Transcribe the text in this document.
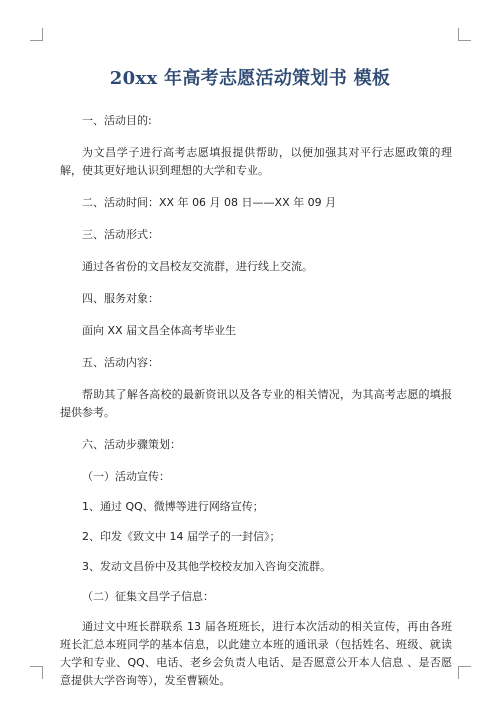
20xx 年高考志愿活动策划书 模板

一、活动目的:

为文昌学子进行高考志愿填报提供帮助，以便加强其对平行志愿政策的理解，使其更好地认识到理想的大学和专业。

二、活动时间：XX 年 06 月 08 日——XX 年 09 月

三、活动形式：

通过各省份的文昌校友交流群，进行线上交流。

四、服务对象：

面向 XX 届文昌全体高考毕业生

五、活动内容：

帮助其了解各高校的最新资讯以及各专业的相关情况，为其高考志愿的填报提供参考。

六、活动步骤策划：

（一）活动宣传：

1、通过 QQ、微博等进行网络宣传；

2、印发《致文中 14 届学子的一封信》；

3、发动文昌侨中及其他学校校友加入咨询交流群。

（二）征集文昌学子信息：

通过文中班长群联系 13 届各班班长，进行本次活动的相关宣传，再由各班班长汇总本班同学的基本信息，以此建立本班的通讯录（包括姓名、班级、就读大学和专业、QQ、电话、老乡会负责人电话、是否愿意公开本人信息 、是否愿意提供大学咨询等），发至曹颖处。
